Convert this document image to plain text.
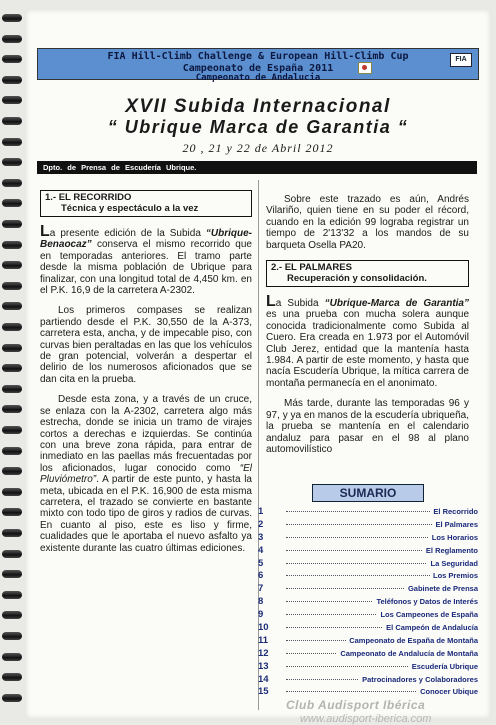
FIA Hill-Climb Challenge & European Hill-Climb Cup
Campeonato de España 2011
Campeonato de Andalucia
FIA
XVII Subida Internacional
“ Ubrique Marca de Garantia “
20 , 21 y 22 de Abril 2012
Dpto. de Prensa de Escudería Ubrique.
1.- EL RECORRIDO
Técnica y espectáculo a la vez

La presente edición de la Subida “Ubrique-Benaocaz” conserva el mismo recorrido que en temporadas anteriores. El tramo parte desde la misma población de Ubrique para finalizar, con una longitud total de 4,450 km. en el P.K. 16,9 de la carretera A-2302.

Los primeros compases se realizan partiendo desde el P.K. 30,550 de la A-373, carretera esta, ancha, y de impecable piso, con curvas bien peraltadas en las que los vehículos de gran potencial, volverán a despertar el delirio de los numerosos aficionados que se dan cita en la prueba.

Desde esta zona, y a través de un cruce, se enlaza con la A-2302, carretera algo más estrecha, donde se inicia un tramo de virajes cortos a derechas e izquierdas. Se continúa con una breve zona rápida, para entrar de inmediato en las paellas más frecuentadas por los aficionados, lugar conocido como “El Pluviómetro”. A partir de este punto, y hasta la meta, ubicada en el P.K. 16,900 de esta misma carretera, el trazado se convierte en bastante mixto con todo tipo de giros y radios de curvas. En cuanto al piso, este es liso y firme, cualidades que le aportaba el nuevo asfalto ya existente durante las cuatro últimas ediciones.

Sobre este trazado es aún, Andrés Vilariño, quien tiene en su poder el récord, cuando en la edición 99 lograba registrar un tiempo de 2'13'32 a los mandos de su barqueta Osella PA20.

2.- EL PALMARES
Recuperación y consolidación.

La Subida “Ubrique-Marca de Garantia” es una prueba con mucha solera aunque conocida tradicionalmente como Subida al Cuero. Era creada en 1.973 por el Automóvil Club Jerez, entidad que la mantenía hasta 1.984. A partir de este momento, y hasta que nacía Escudería Ubrique, la mítica carrera de montaña permanecía en el anonimato.

Más tarde, durante las temporadas 96 y 97, y ya en manos de la escudería ubriqueña, la prueba se mantenía en el calendario andaluz para pasar en el 98 al plano automovilístico

SUMARIO
1	El Recorrido
2	El Palmares
3	Los Horarios
4	El Reglamento
5	La Seguridad
6	Los Premios
7	Gabinete de Prensa
8	Teléfonos y Datos de Interés
9	Los Campeones de España
10	El Campeón de Andalucía
11	Campeonato de España de Montaña
12	Campeonato de Andalucía de Montaña
13	Escudería Ubrique
14	Patrocinadores y Colaboradores
15	Conocer Ubique
Club Audisport Ibérica
www.audisport-iberica.com
